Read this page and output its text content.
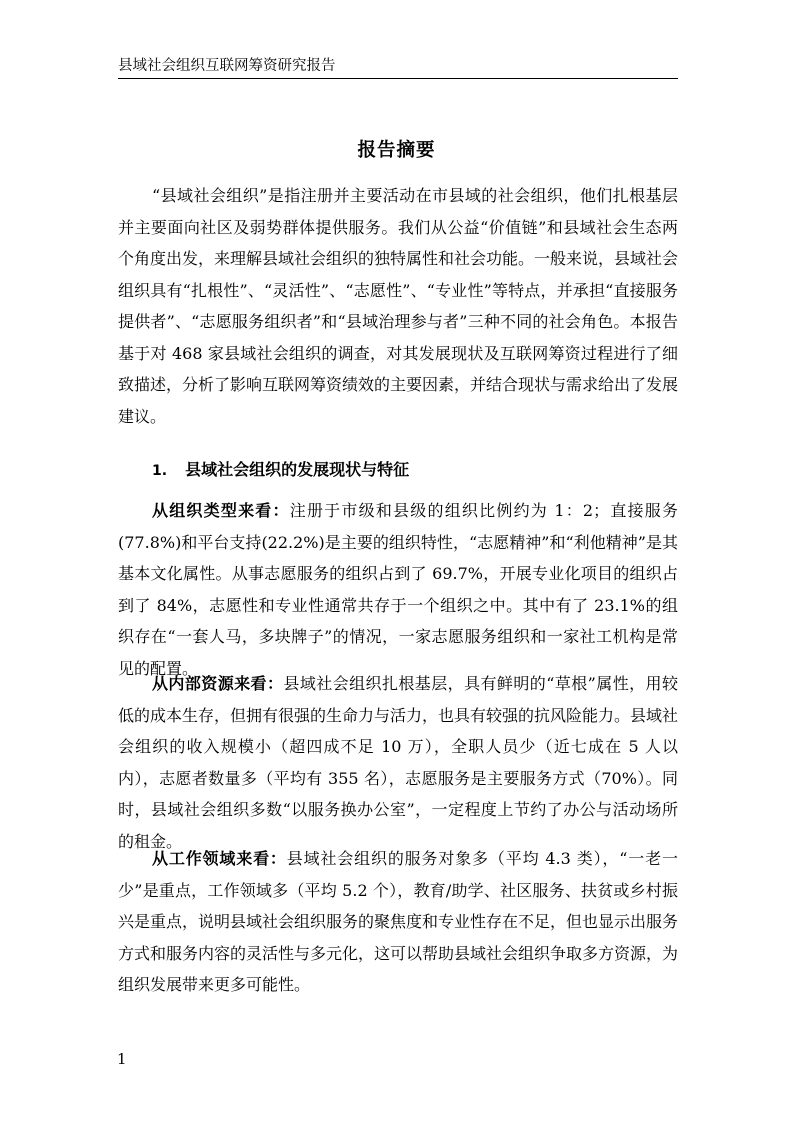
县域社会组织互联网筹资研究报告
报告摘要

“县域社会组织”是指注册并主要活动在市县域的社会组织，他们扎根基层并主要面向社区及弱势群体提供服务。我们从公益“价值链”和县域社会生态两个角度出发，来理解县域社会组织的独特属性和社会功能。一般来说，县域社会组织具有“扎根性”、“灵活性”、“志愿性”、“专业性”等特点，并承担“直接服务提供者”、“志愿服务组织者”和“县域治理参与者”三种不同的社会角色。本报告基于对 468 家县域社会组织的调查，对其发展现状及互联网筹资过程进行了细致描述，分析了影响互联网筹资绩效的主要因素，并结合现状与需求给出了发展建议。

1. 县域社会组织的发展现状与特征

从组织类型来看：注册于市级和县级的组织比例约为 1：2；直接服务(77.8%)和平台支持(22.2%)是主要的组织特性，“志愿精神”和“利他精神”是其基本文化属性。从事志愿服务的组织占到了 69.7%，开展专业化项目的组织占到了 84%，志愿性和专业性通常共存于一个组织之中。其中有了 23.1%的组织存在“一套人马，多块牌子”的情况，一家志愿服务组织和一家社工机构是常见的配置。

从内部资源来看：县域社会组织扎根基层，具有鲜明的“草根”属性，用较低的成本生存，但拥有很强的生命力与活力，也具有较强的抗风险能力。县域社会组织的收入规模小（超四成不足 10 万），全职人员少（近七成在 5 人以内），志愿者数量多（平均有 355 名），志愿服务是主要服务方式（70%）。同时，县域社会组织多数“以服务换办公室”，一定程度上节约了办公与活动场所的租金。

从工作领域来看：县域社会组织的服务对象多（平均 4.3 类），“一老一少”是重点，工作领域多（平均 5.2 个），教育/助学、社区服务、扶贫或乡村振兴是重点，说明县域社会组织服务的聚焦度和专业性存在不足，但也显示出服务方式和服务内容的灵活性与多元化，这可以帮助县域社会组织争取多方资源，为组织发展带来更多可能性。

1
